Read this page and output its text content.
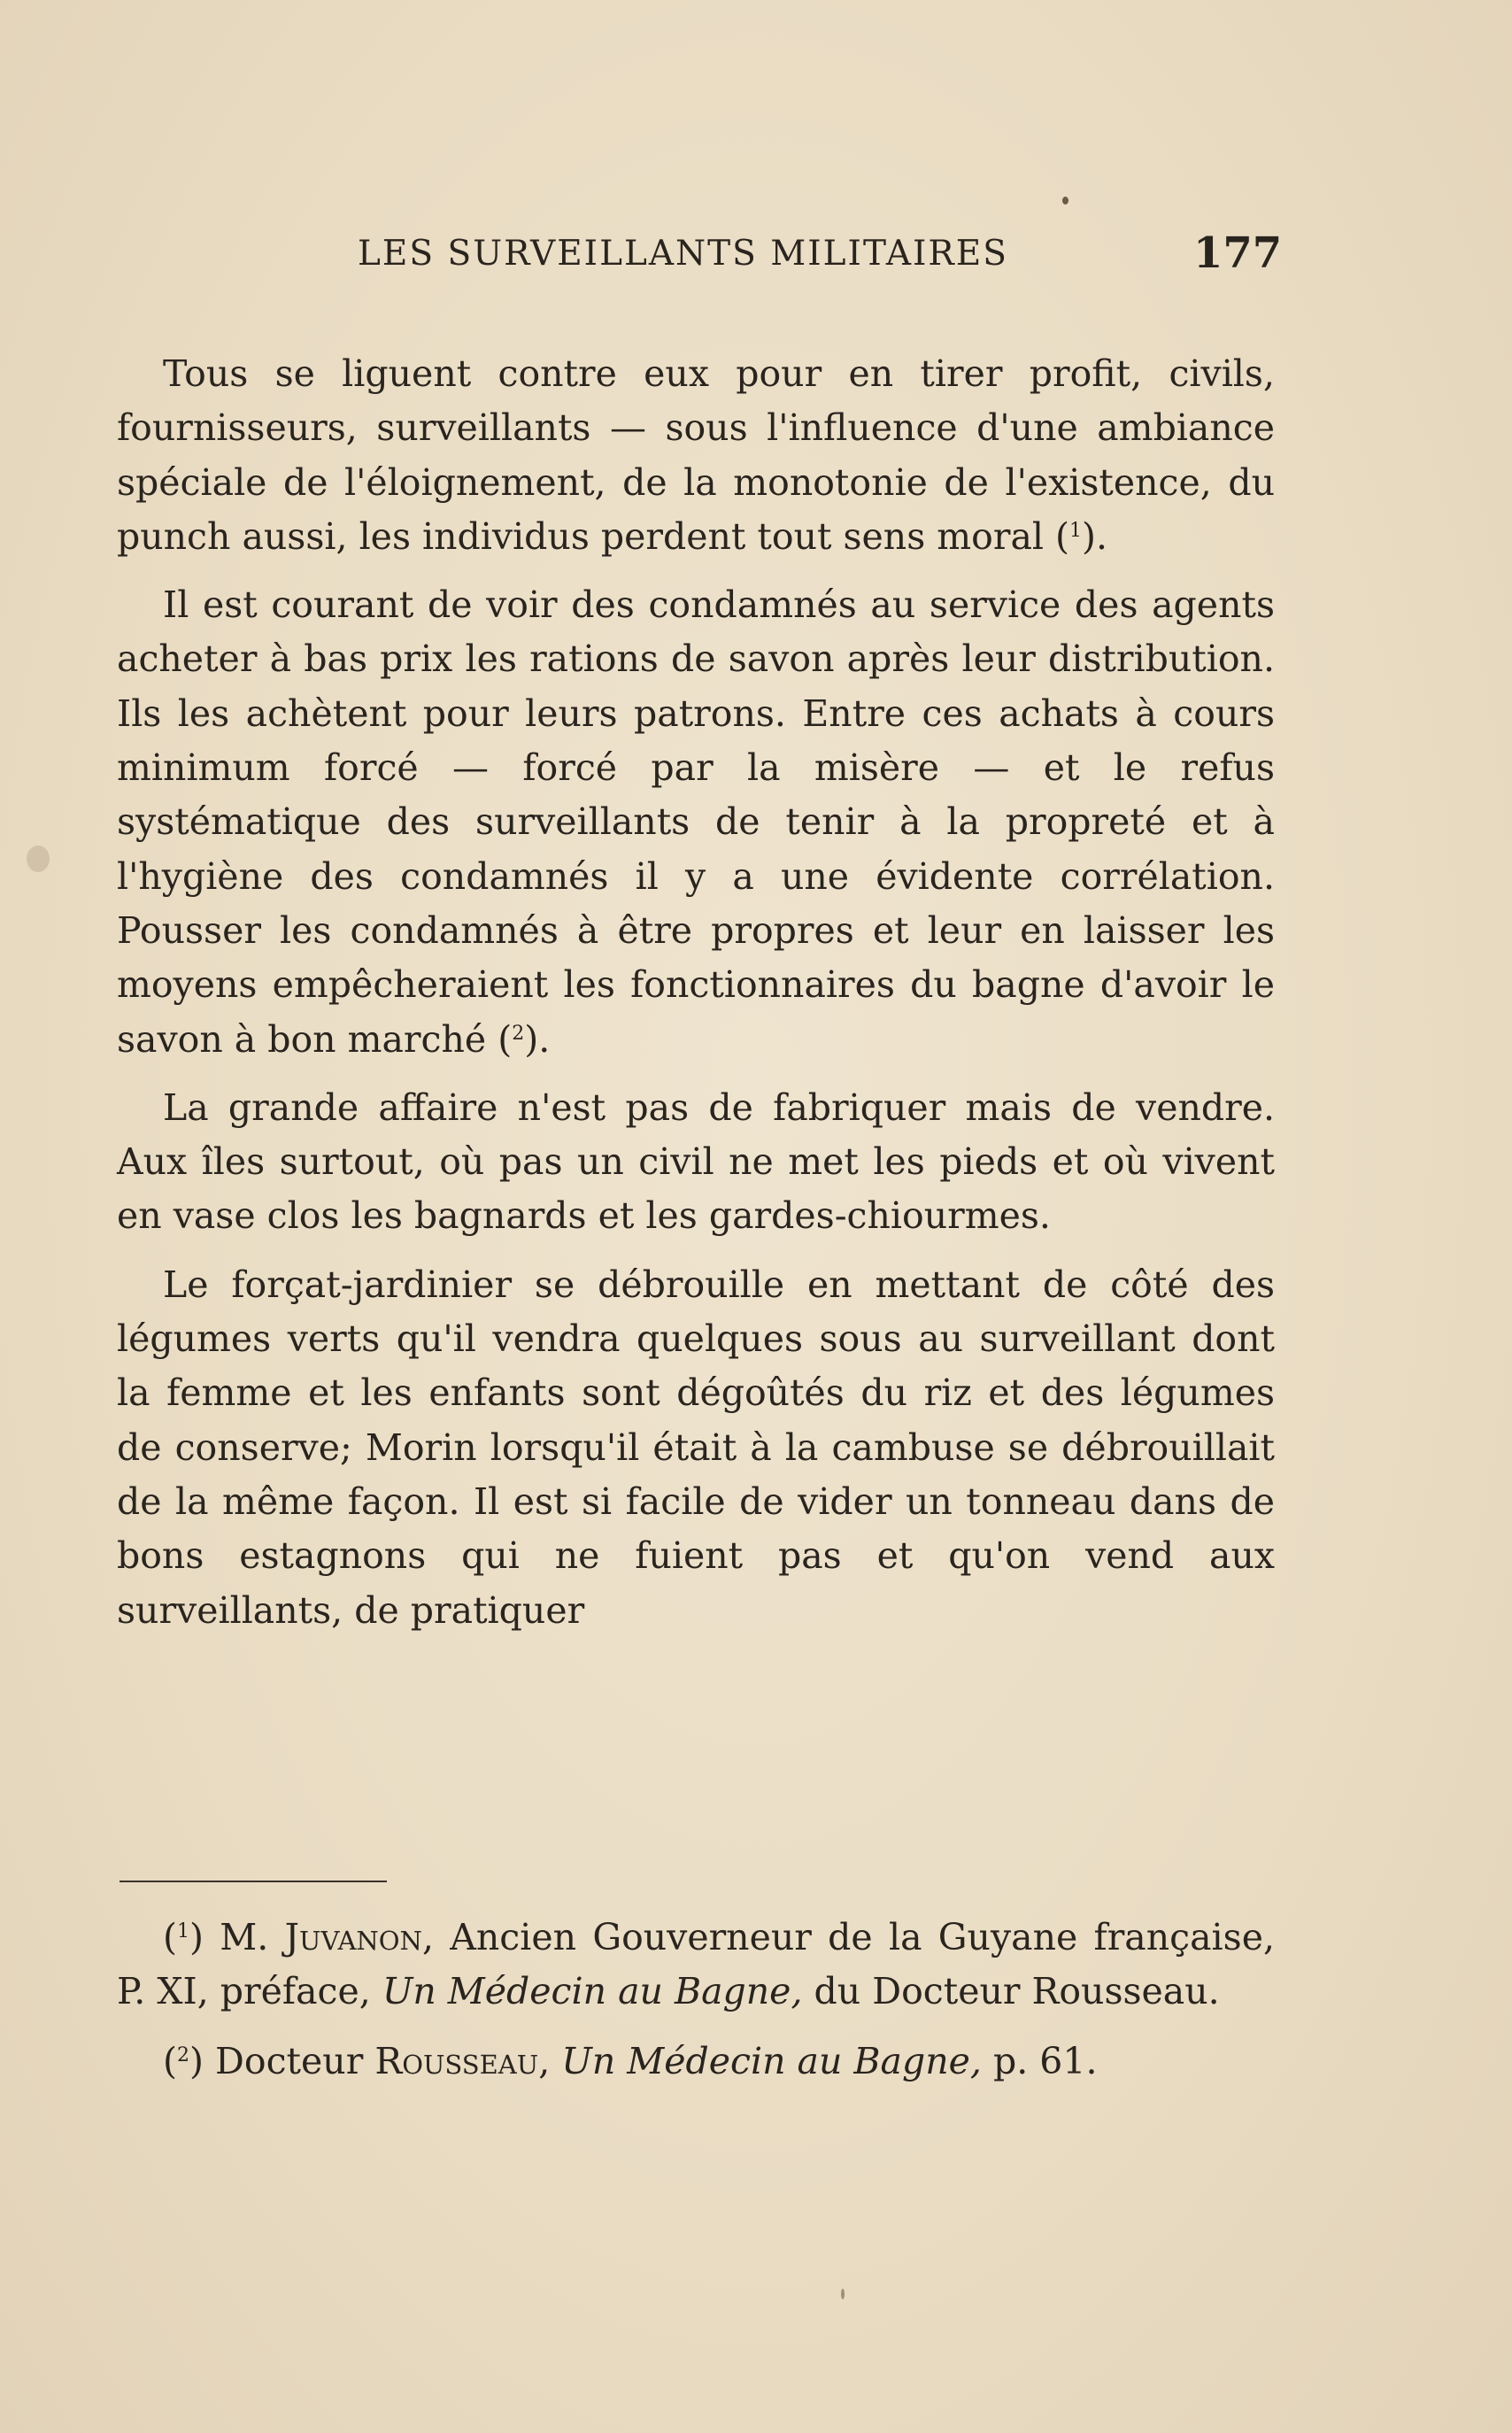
LES SURVEILLANTS MILITAIRES	177

Tous se liguent contre eux pour en tirer profit, civils, fournisseurs, surveillants — sous l'influence d'une ambiance spéciale de l'éloignement, de la monotonie de l'existence, du punch aussi, les individus perdent tout sens moral ($^1$).

Il est courant de voir des condamnés au service des agents acheter à bas prix les rations de savon après leur distribution. Ils les achètent pour leurs patrons. Entre ces achats à cours minimum forcé — forcé par la misère — et le refus systématique des surveillants de tenir à la propreté et à l'hygiène des condamnés il y a une évidente corrélation. Pousser les condamnés à être propres et leur en laisser les moyens empêcheraient les fonctionnaires du bagne d'avoir le savon à bon marché ($^2$).

La grande affaire n'est pas de fabriquer mais de vendre. Aux îles surtout, où pas un civil ne met les pieds et où vivent en vase clos les bagnards et les gardes-chiourmes.

Le forçat-jardinier se débrouille en mettant de côté des légumes verts qu'il vendra quelques sous au surveillant dont la femme et les enfants sont dégoûtés du riz et des légumes de conserve; Morin lorsqu'il était à la cambuse se débrouillait de la même façon. Il est si facile de vider un tonneau dans de bons estagnons qui ne fuient pas et qu'on vend aux surveillants, de pratiquer

($^1$) M. Juvanon, Ancien Gouverneur de la Guyane française, P. XI, préface, Un Médecin au Bagne, du Docteur Rousseau.

($^2$) Docteur Rousseau, Un Médecin au Bagne, p. 61.
